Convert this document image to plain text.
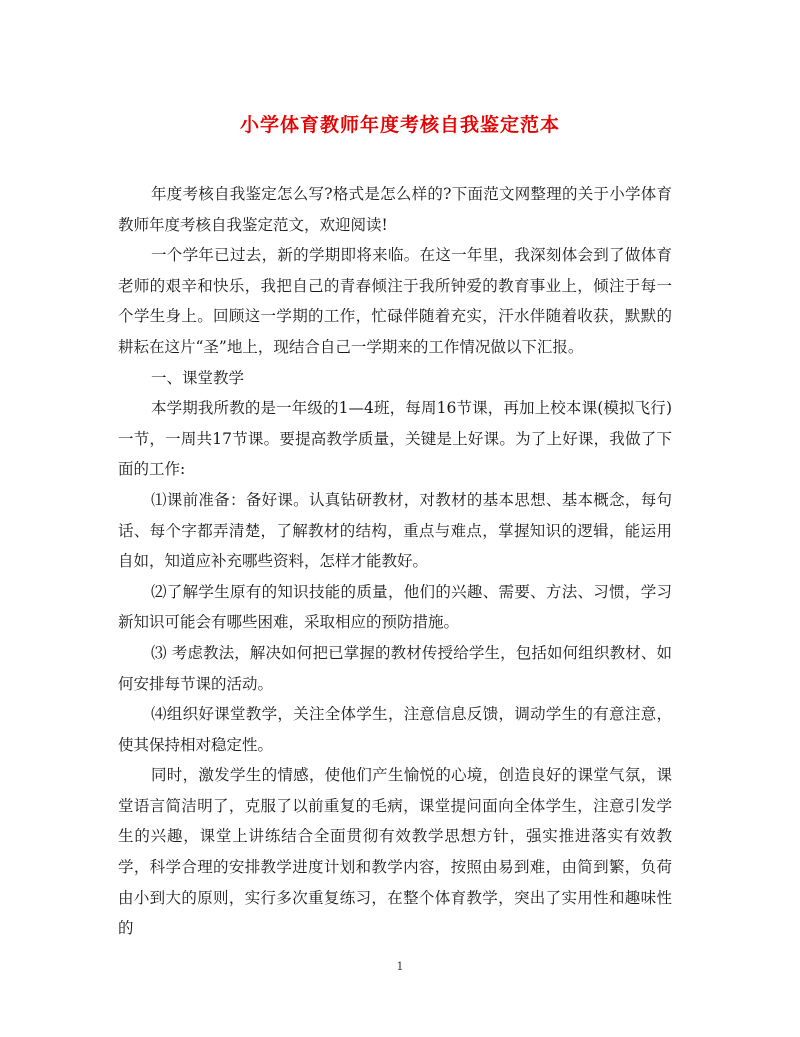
小学体育教师年度考核自我鉴定范本

年度考核自我鉴定怎么写?格式是怎么样的?下面范文网整理的关于小学体育教师年度考核自我鉴定范文，欢迎阅读!

一个学年已过去，新的学期即将来临。在这一年里，我深刻体会到了做体育老师的艰辛和快乐，我把自己的青春倾注于我所钟爱的教育事业上，倾注于每一个学生身上。回顾这一学期的工作，忙碌伴随着充实，汗水伴随着收获，默默的耕耘在这片“圣”地上，现结合自己一学期来的工作情况做以下汇报。

一、课堂教学

本学期我所教的是一年级的1—4班，每周16节课，再加上校本课(模拟飞行)一节，一周共17节课。要提高教学质量，关键是上好课。为了上好课，我做了下面的工作:

⑴课前准备：备好课。认真钻研教材，对教材的基本思想、基本概念，每句话、每个字都弄清楚，了解教材的结构，重点与难点，掌握知识的逻辑，能运用自如，知道应补充哪些资料，怎样才能教好。

⑵了解学生原有的知识技能的质量，他们的兴趣、需要、方法、习惯，学习新知识可能会有哪些困难，采取相应的预防措施。

⑶ 考虑教法，解决如何把已掌握的教材传授给学生，包括如何组织教材、如何安排每节课的活动。

⑷组织好课堂教学，关注全体学生，注意信息反馈，调动学生的有意注意，使其保持相对稳定性。

同时，激发学生的情感，使他们产生愉悦的心境，创造良好的课堂气氛，课堂语言简洁明了，克服了以前重复的毛病，课堂提问面向全体学生，注意引发学生的兴趣，课堂上讲练结合全面贯彻有效教学思想方针，强实推进落实有效教学，科学合理的安排教学进度计划和教学内容，按照由易到难，由简到繁，负荷由小到大的原则，实行多次重复练习，在整个体育教学，突出了实用性和趣味性的

1
